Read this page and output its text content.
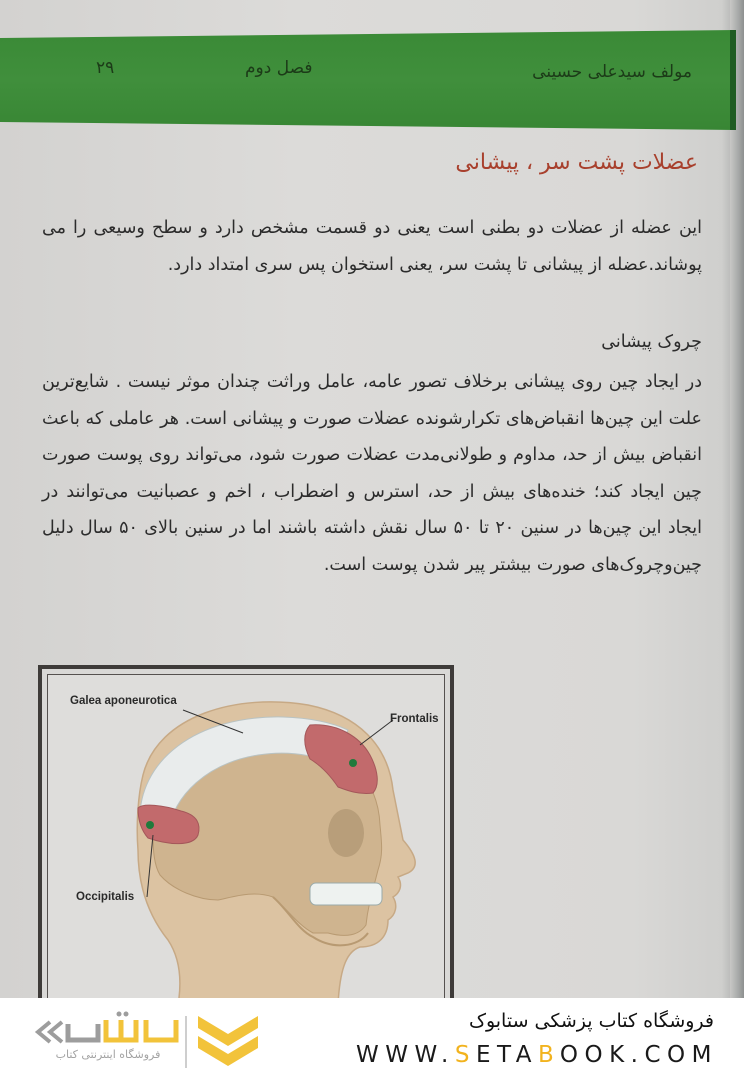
مولف سیدعلی حسینی
فصل دوم
۲۹
عضلات پشت سر ، پیشانی
این عضله از عضلات دو بطنی است یعنی دو قسمت مشخص دارد و سطح وسیعی را می پوشاند.عضله از پیشانی تا پشت سر، یعنی استخوان پس سری امتداد دارد.
چروک پیشانی
در ایجاد چین روی پیشانی برخلاف تصور عامه، عامل وراثت چندان موثر نیست . شایع‌ترین علت این چین‌ها انقباض‌های تکرارشونده عضلات صورت و پیشانی است. هر عاملی که باعث انقباض بیش از حد، مداوم و طولانی‌مدت عضلات صورت شود، می‌تواند روی پوست صورت چین ایجاد کند؛ خنده‌های بیش از حد، استرس و اضطراب ، اخم و عصبانیت می‌توانند در ایجاد این چین‌ها در سنین ۲۰ تا ۵۰ سال نقش داشته باشند اما در سنین بالای ۵۰ سال دلیل چین‌وچروک‌های صورت بیشتر پیر شدن پوست است.
Galea aponeurotica
Frontalis
Occipitalis
فروشگاه اینترنتی کتاب
فروشگاه کتاب پزشکی ستابوک
WWW.SETABOOK.COM
